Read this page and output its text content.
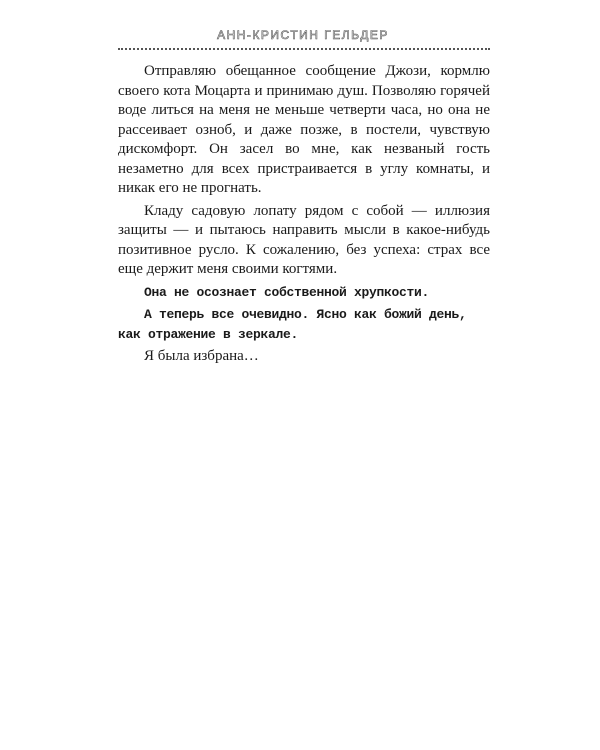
АНН-КРИСТИН ГЕЛЬДЕР

Отправляю обещанное сообщение Джози, кормлю своего кота Моцарта и принимаю душ. Позволяю горячей воде литься на меня не меньше четверти часа, но она не рассеивает озноб, и даже позже, в постели, чувствую дискомфорт. Он засел во мне, как незваный гость незаметно для всех пристраивается в углу комнаты, и никак его не прогнать.

Кладу садовую лопату рядом с собой — иллюзия защиты — и пытаюсь направить мысли в какое-нибудь позитивное русло. К сожалению, без успеха: страх все еще держит меня своими когтями.

Она не осознает собственной хрупкости.

А теперь все очевидно. Ясно как божий день, как отражение в зеркале.

Я была избрана…
